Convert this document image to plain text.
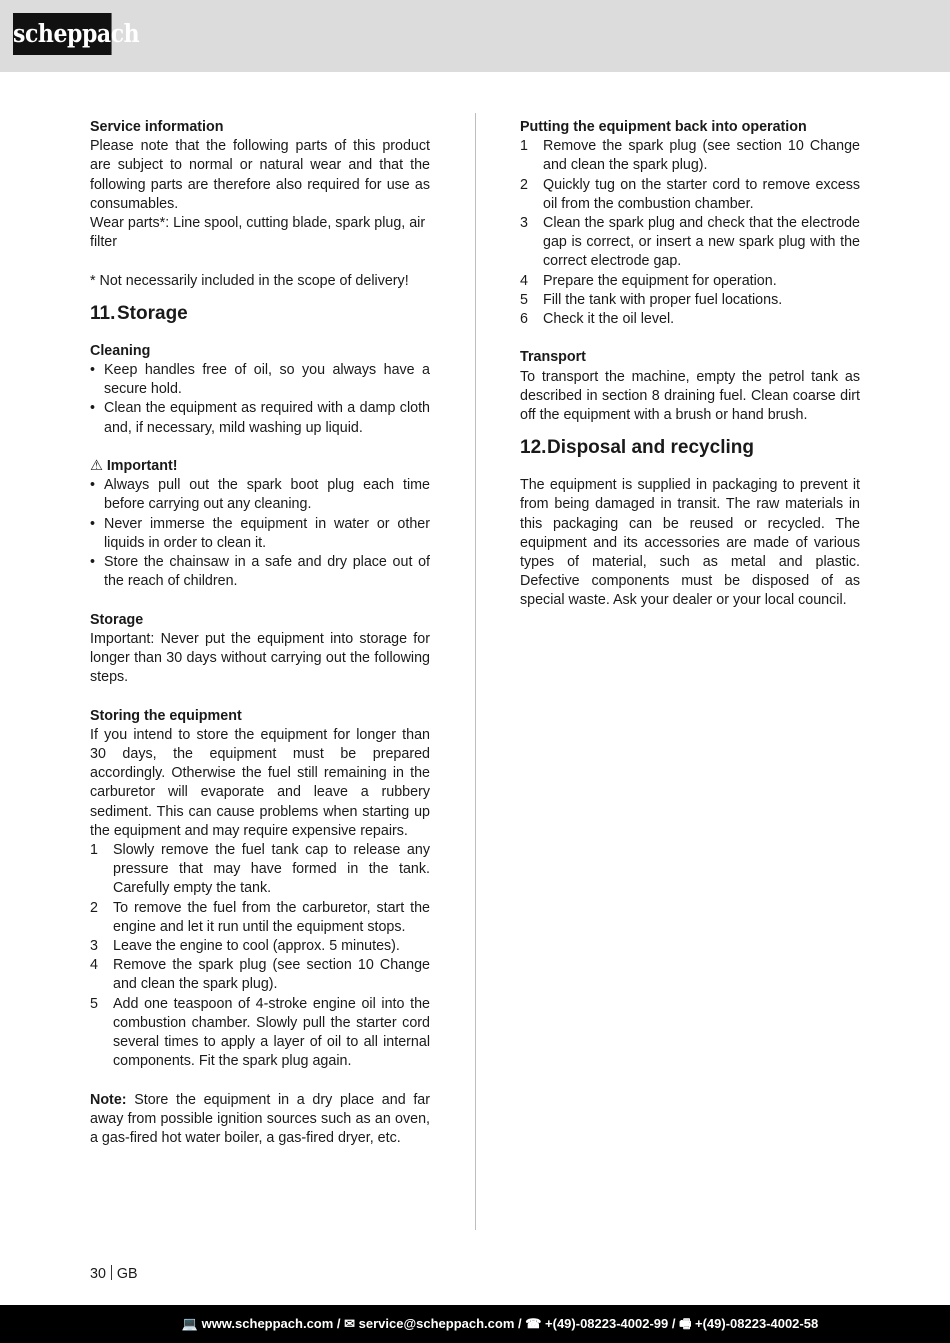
scheppach

Service information

Please note that the following parts of this product are subject to normal or natural wear and that the following parts are therefore also required for use as consumables.

Wear parts*: Line spool, cutting blade, spark plug, air filter

* Not necessarily included in the scope of delivery!

11.Storage

Cleaning

• Keep handles free of oil, so you always have a secure hold.
• Clean the equipment as required with a damp cloth and, if necessary, mild washing up liquid.

⚠ Important!

• Always pull out the spark boot plug each time before carrying out any cleaning.
• Never immerse the equipment in water or other liquids in order to clean it.
• Store the chainsaw in a safe and dry place out of the reach of children.

Storage

Important: Never put the equipment into storage for longer than 30 days without carrying out the following steps.

Storing the equipment

If you intend to store the equipment for longer than 30 days, the equipment must be prepared accordingly. Otherwise the fuel still remaining in the carburetor will evaporate and leave a rubbery sediment. This can cause problems when starting up the equipment and may require expensive repairs.

1 Slowly remove the fuel tank cap to release any pressure that may have formed in the tank. Carefully empty the tank.
2 To remove the fuel from the carburetor, start the engine and let it run until the equipment stops.
3 Leave the engine to cool (approx. 5 minutes).
4 Remove the spark plug (see section 10 Change and clean the spark plug).
5 Add one teaspoon of 4-stroke engine oil into the combustion chamber. Slowly pull the starter cord several times to apply a layer of oil to all internal components. Fit the spark plug again.

Note: Store the equipment in a dry place and far away from possible ignition sources such as an oven, a gas-fired hot water boiler, a gas-fired dryer, etc.

Putting the equipment back into operation

1 Remove the spark plug (see section 10 Change and clean the spark plug).
2 Quickly tug on the starter cord to remove excess oil from the combustion chamber.
3 Clean the spark plug and check that the electrode gap is correct, or insert a new spark plug with the correct electrode gap.
4 Prepare the equipment for operation.
5 Fill the tank with proper fuel locations.
6 Check it the oil level.

Transport

To transport the machine, empty the petrol tank as described in section 8 draining fuel. Clean coarse dirt off the equipment with a brush or hand brush.

12.Disposal and recycling

The equipment is supplied in packaging to prevent it from being damaged in transit. The raw materials in this packaging can be reused or recycled. The equipment and its accessories are made of various types of material, such as metal and plastic. Defective components must be disposed of as special waste. Ask your dealer or your local council.

30 GB
💻 www.scheppach.com / ✉ service@scheppach.com / ☎ +(49)-08223-4002-99 / 🖷 +(49)-08223-4002-58
